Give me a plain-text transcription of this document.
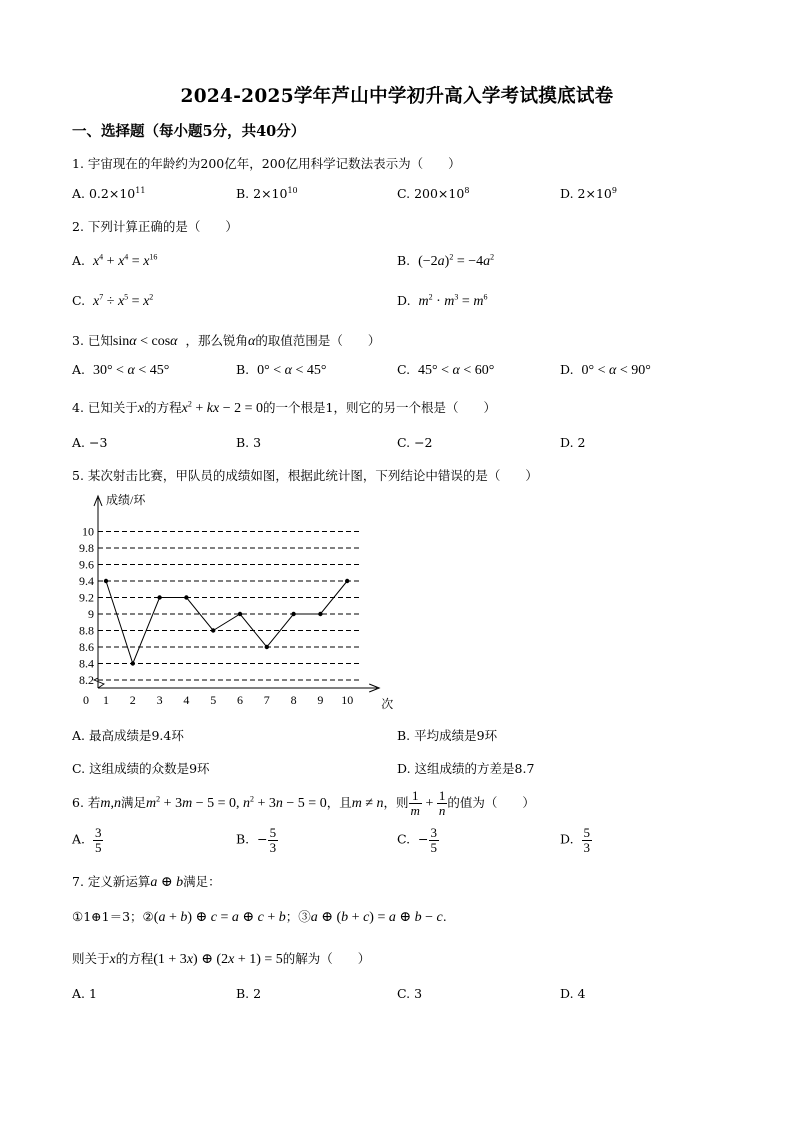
2024-2025学年芦山中学初升高入学考试摸底试卷
一、选择题（每小题5分，共40分）
1. 宇宙现在的年龄约为200亿年，200亿用科学记数法表示为（　　）
A. $0.2\times 10^{11}$	B. $2\times 10^{10}$	C. $200\times 10^8$	D. $2\times 10^9$
2. 下列计算正确的是（　　）
A.  $x^4 + x^4 = x^{16}$	B.  $(-2a)^2 = -4a^2$
C.  $x^7 \div x^5 = x^2$	D.  $m^2 \cdot m^3 = m^6$
3. 已知sinα < cosα ，那么锐角α的取值范围是（　　）
A.  30° < α < 45°	B.  0° < α < 45°	C.  45° < α < 60°	D.  0° < α < 90°
4. 已知关于x的方程$x^2$ + kx − 2 = 0的一个根是1，则它的另一个根是（　　）
A. −3	B. 3	C. −2	D. 2
5. 某次射击比赛，甲队员的成绩如图，根据此统计图，下列结论中错误的是（　　）
8.2
8.4
8.6
8.8
9
9.2
9.4
9.6
9.8
10
成绩/环
次
0 1 2 3 4 5 6 7 8 9 10
A. 最高成绩是9.4环	B. 平均成绩是9环
C. 这组成绩的众数是9环	D. 这组成绩的方差是8.7
6. 若m,n满足$m^2 + 3m - 5 = 0$, $n^2 + 3n - 5 = 0$，且m ≠ n，则 $\frac{1}{m} + \frac{1}{n}$ 的值为（　　）
A. $\frac{3}{5}$	B.  − $\frac{5}{3}$	C.  − $\frac{3}{5}$	D. $\frac{5}{3}$
7. 定义新运算a ⊕ b满足：
①1⊕1＝3；②(a + b) ⊕ c = a ⊕ c + b；③a ⊕ (b + c) = a ⊕ b − c.
则关于x的方程(1 + 3x) ⊕ (2x + 1) = 5的解为（　　）
A. 1	B. 2	C. 3	D. 4
